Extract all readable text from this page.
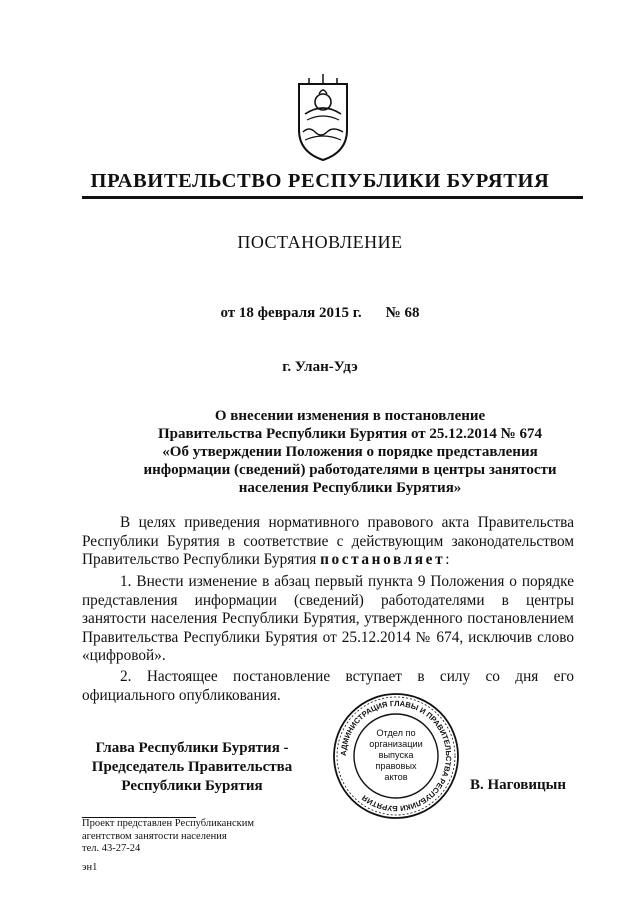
ПРАВИТЕЛЬСТВО РЕСПУБЛИКИ БУРЯТИЯ
ПОСТАНОВЛЕНИЕ
от 18 февраля 2015 г. № 68
г. Улан-Удэ
О внесении изменения в постановление
Правительства Республики Бурятия от 25.12.2014 № 674
«Об утверждении Положения о порядке представления
информации (сведений) работодателями в центры занятости
населения Республики Бурятия»

В целях приведения нормативного правового акта Правительства Республики Бурятия в соответствие с действующим законодательством Правительство Республики Бурятия постановляет:

1. Внести изменение в абзац первый пункта 9 Положения о порядке представления информации (сведений) работодателями в центры занятости населения Республики Бурятия, утвержденного постановлением Правительства Республики Бурятия от 25.12.2014 № 674, исключив слово «цифровой».

2. Настоящее постановление вступает в силу со дня его официального опубликования.

Глава Республики Бурятия -
Председатель Правительства
Республики Бурятия
АДМИНИСТРАЦИЯ ГЛАВЫ И ПРАВИТЕЛЬСТВА РЕСПУБЛИКИ БУРЯТИЯ
Отдел по
организации
выпуска
правовых
актов	В. Наговицын
Проект представлен Республиканским
агентством занятости населения
тел. 43-27-24
эн1
